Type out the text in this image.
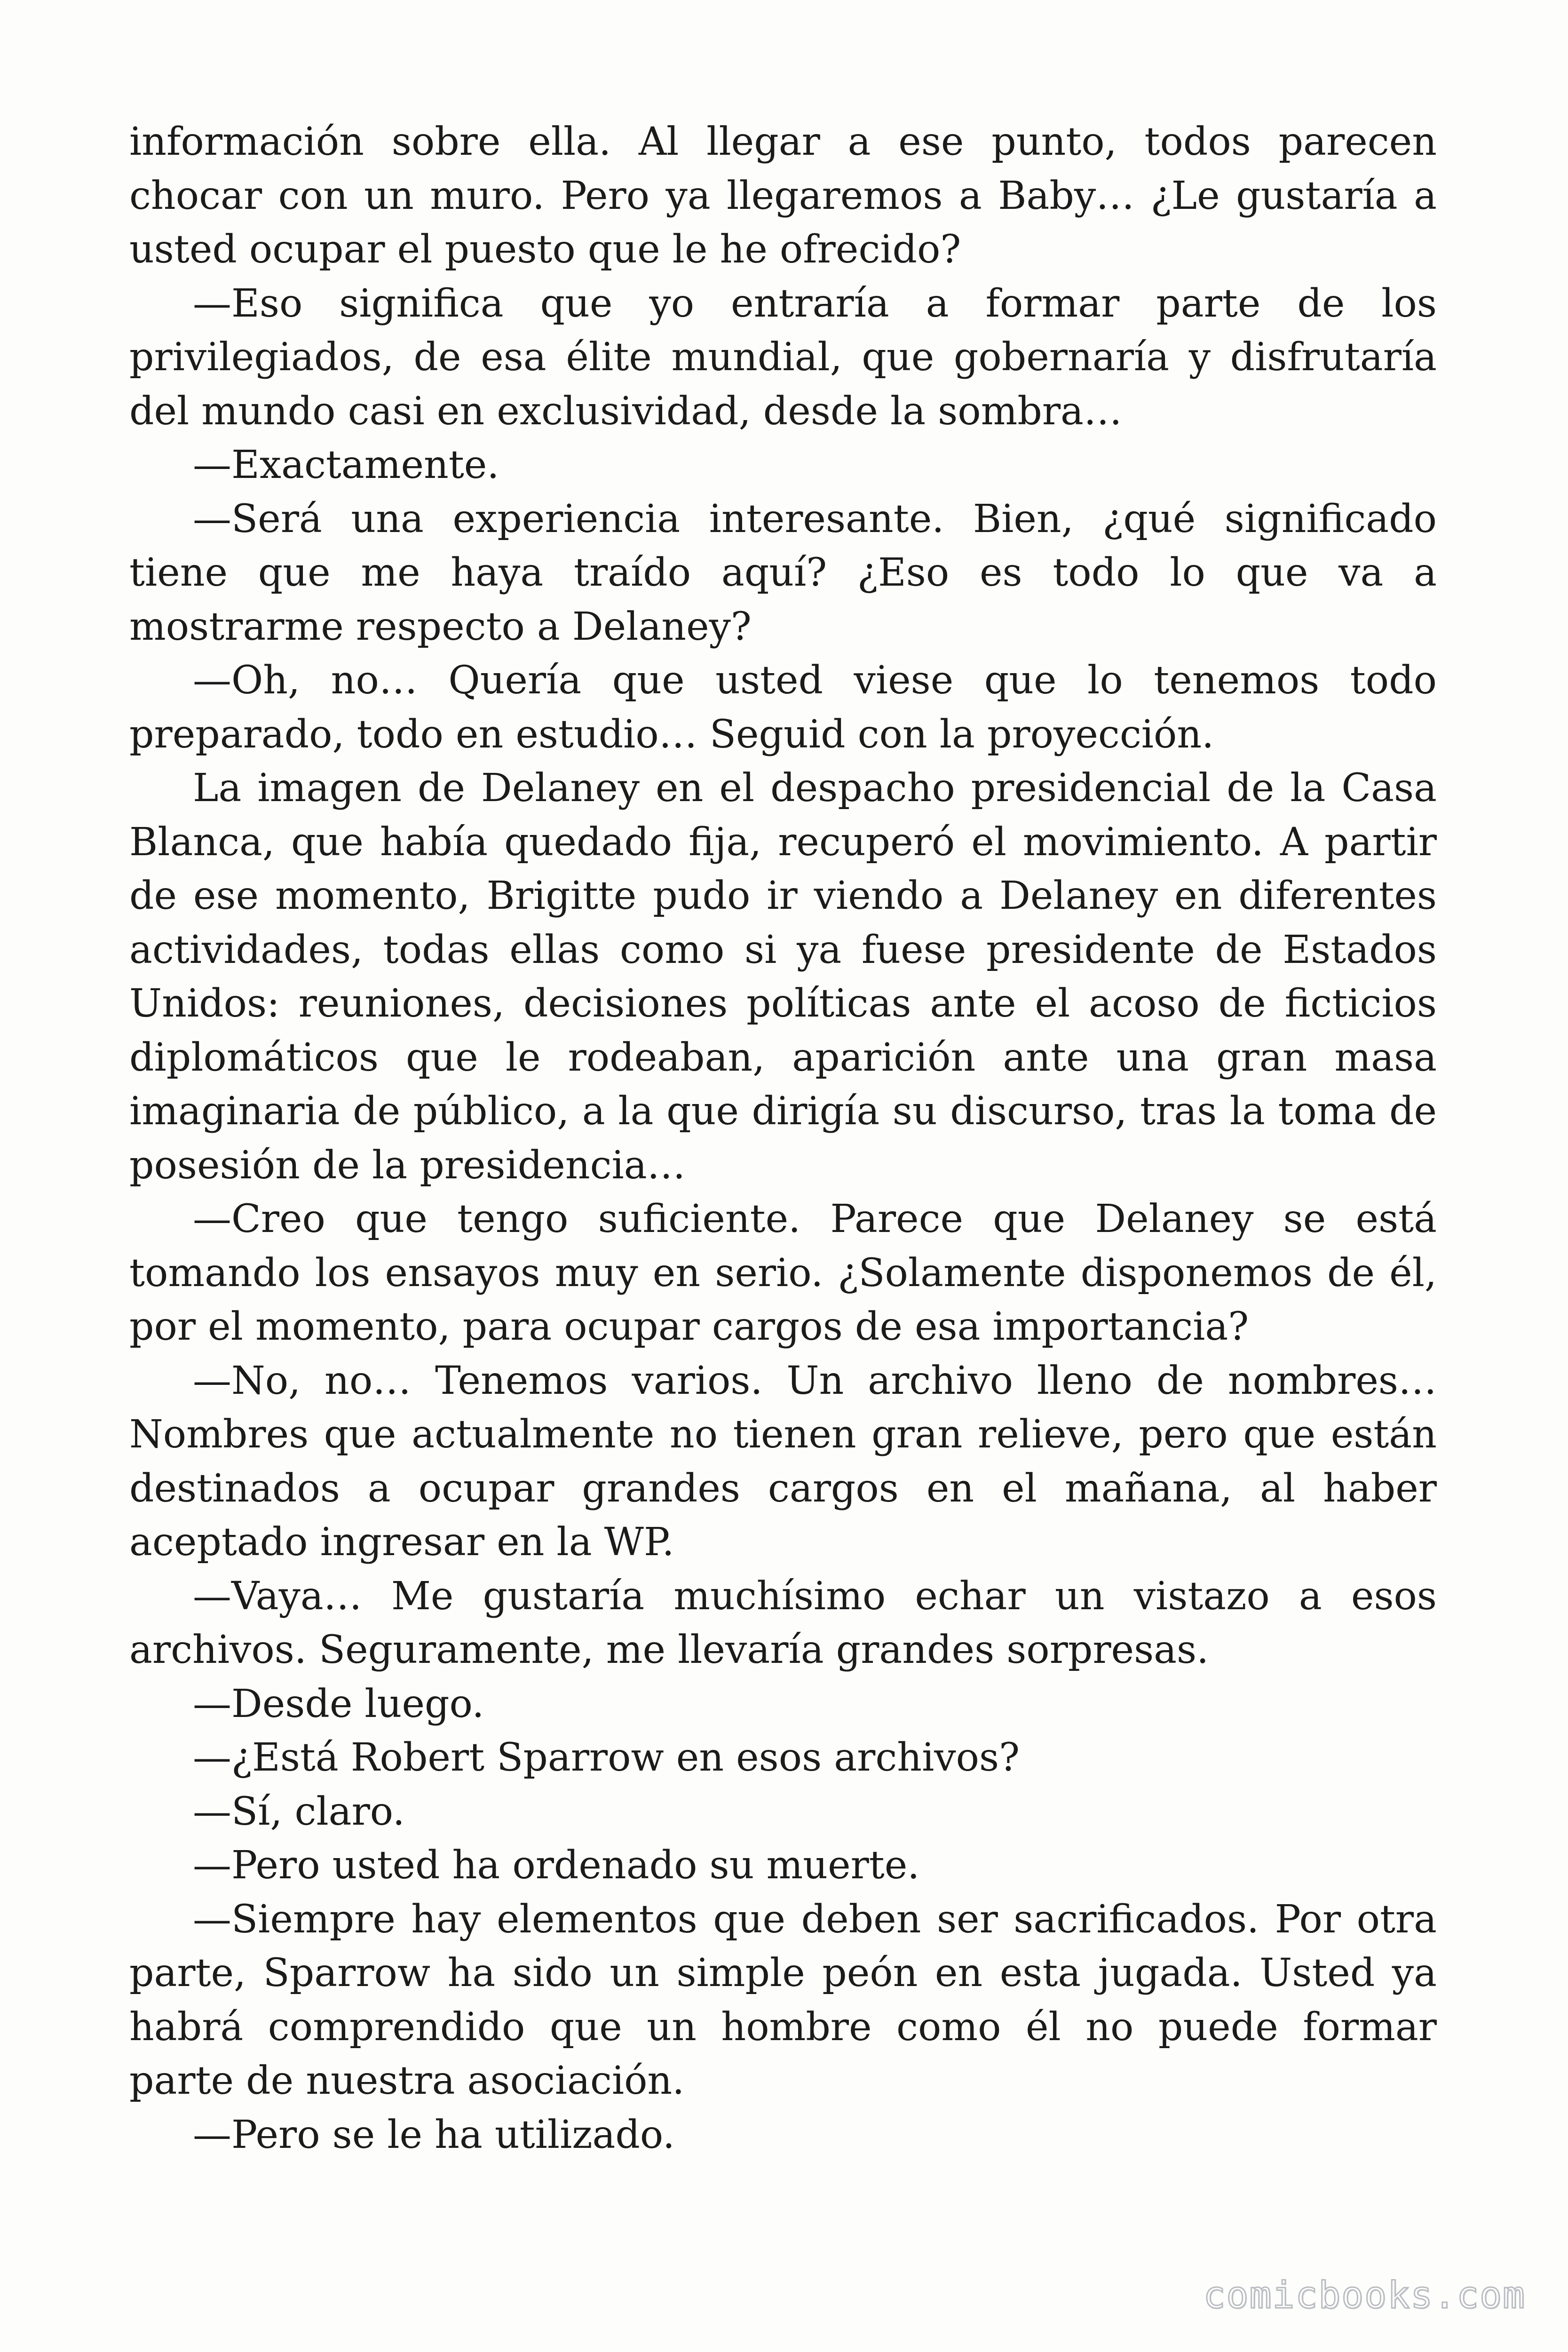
información sobre ella. Al llegar a ese punto, todos parecen chocar con un muro. Pero ya llegaremos a Baby… ¿Le gustaría a usted ocupar el puesto que le he ofrecido?

—Eso significa que yo entraría a formar parte de los privilegiados, de esa élite mundial, que gobernaría y disfrutaría del mundo casi en exclusividad, desde la sombra…

—Exactamente.

—Será una experiencia interesante. Bien, ¿qué significado tiene que me haya traído aquí? ¿Eso es todo lo que va a mostrarme respecto a Delaney?

—Oh, no… Quería que usted viese que lo tenemos todo preparado, todo en estudio… Seguid con la proyección.

La imagen de Delaney en el despacho presidencial de la Casa Blanca, que había quedado fija, recuperó el movimiento. A partir de ese momento, Brigitte pudo ir viendo a Delaney en diferentes actividades, todas ellas como si ya fuese presidente de Estados Unidos: reuniones, decisiones políticas ante el acoso de ficticios diplomáticos que le rodeaban, aparición ante una gran masa imaginaria de público, a la que dirigía su discurso, tras la toma de posesión de la presidencia…

—Creo que tengo suficiente. Parece que Delaney se está tomando los ensayos muy en serio. ¿Solamente disponemos de él, por el momento, para ocupar cargos de esa importancia?

—No, no… Tenemos varios. Un archivo lleno de nombres… Nombres que actualmente no tienen gran relieve, pero que están destinados a ocupar grandes cargos en el mañana, al haber aceptado ingresar en la WP.

—Vaya… Me gustaría muchísimo echar un vistazo a esos archivos. Seguramente, me llevaría grandes sorpresas.

—Desde luego.

—¿Está Robert Sparrow en esos archivos?

—Sí, claro.

—Pero usted ha ordenado su muerte.

—Siempre hay elementos que deben ser sacrificados. Por otra parte, Sparrow ha sido un simple peón en esta jugada. Usted ya habrá comprendido que un hombre como él no puede formar parte de nuestra asociación.

—Pero se le ha utilizado.

comicbooks.com
